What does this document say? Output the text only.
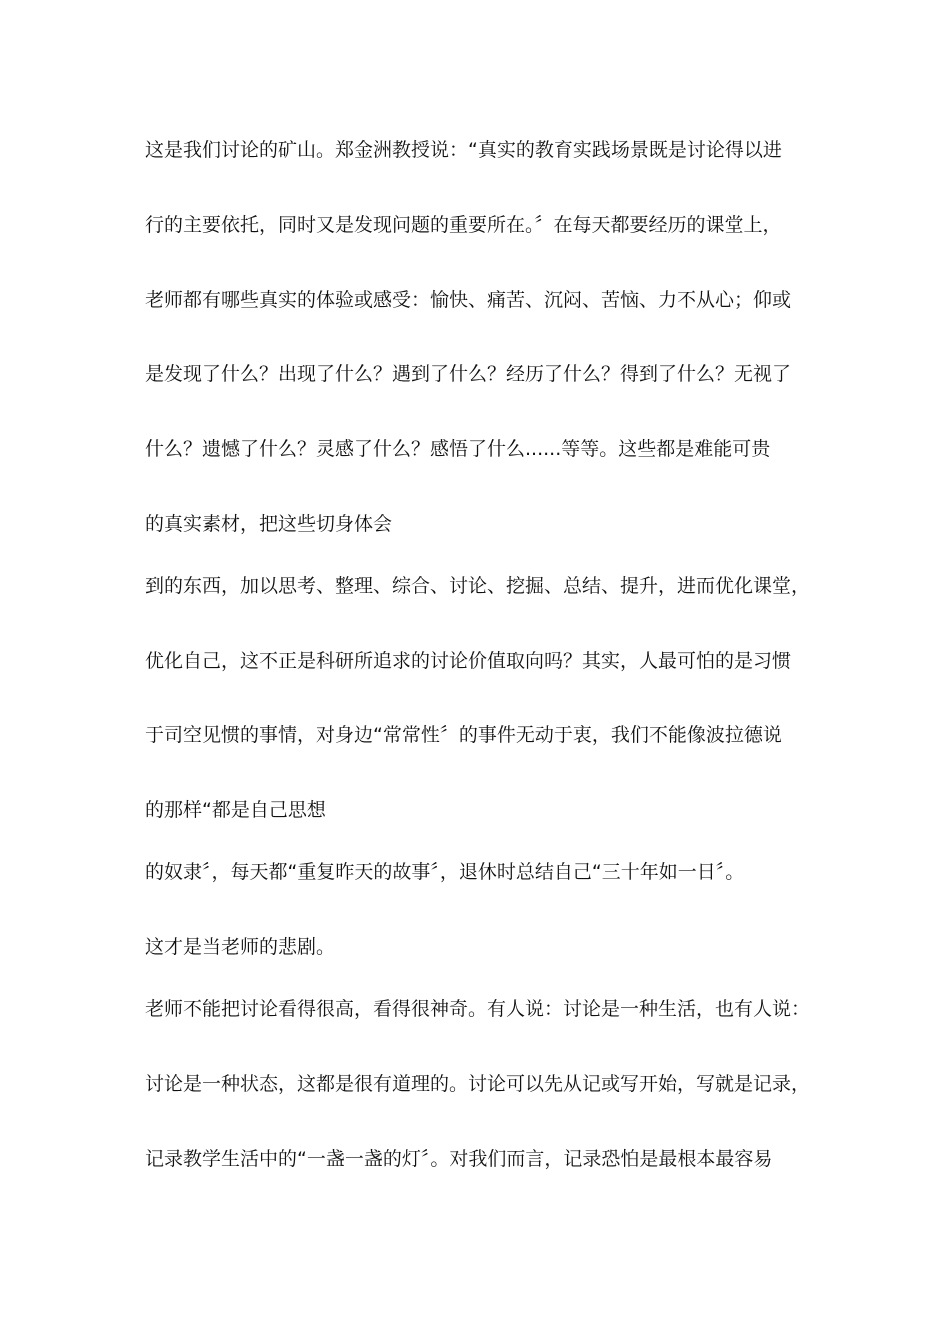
这是我们讨论的矿山。郑金洲教授说：“真实的教育实践场景既是讨论得以进
行的主要依托，同时又是发现问题的重要所在。〞在每天都要经历的课堂上，
老师都有哪些真实的体验或感受：愉快、痛苦、沉闷、苦恼、力不从心；仰或
是发现了什么？出现了什么？遇到了什么？经历了什么？得到了什么？无视了
什么？遗憾了什么？灵感了什么？感悟了什么......等等。这些都是难能可贵
的真实素材，把这些切身体会
到的东西，加以思考、整理、综合、讨论、挖掘、总结、提升，进而优化课堂，
优化自己，这不正是科研所追求的讨论价值取向吗？其实，人最可怕的是习惯
于司空见惯的事情，对身边“常常性〞的事件无动于衷，我们不能像波拉德说
的那样“都是自己思想
的奴隶〞，每天都“重复昨天的故事〞，退休时总结自己“三十年如一日〞。
这才是当老师的悲剧。
老师不能把讨论看得很高，看得很神奇。有人说：讨论是一种生活，也有人说：
讨论是一种状态，这都是很有道理的。讨论可以先从记或写开始，写就是记录，
记录教学生活中的“一盏一盏的灯〞。对我们而言，记录恐怕是最根本最容易
